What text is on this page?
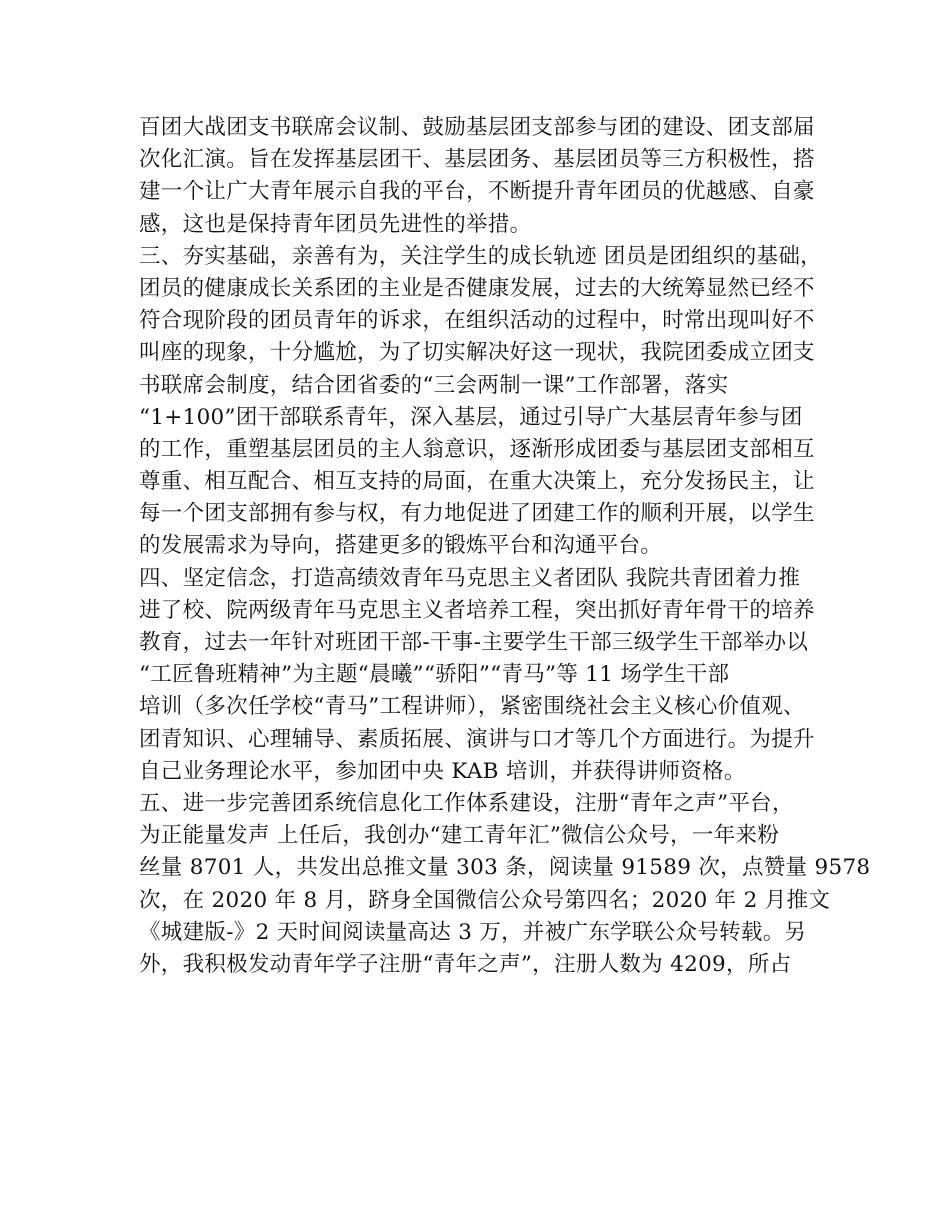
百团大战团支书联席会议制、鼓励基层团支部参与团的建设、团支部届
次化汇演。旨在发挥基层团干、基层团务、基层团员等三方积极性，搭
建一个让广大青年展示自我的平台，不断提升青年团员的优越感、自豪
感，这也是保持青年团员先进性的举措。
三、夯实基础，亲善有为，关注学生的成长轨迹 团员是团组织的基础，
团员的健康成长关系团的主业是否健康发展，过去的大统筹显然已经不
符合现阶段的团员青年的诉求，在组织活动的过程中，时常出现叫好不
叫座的现象，十分尴尬，为了切实解决好这一现状，我院团委成立团支
书联席会制度，结合团省委的“三会两制一课”工作部署，落实
“1+100”团干部联系青年，深入基层，通过引导广大基层青年参与团
的工作，重塑基层团员的主人翁意识，逐渐形成团委与基层团支部相互
尊重、相互配合、相互支持的局面，在重大决策上，充分发扬民主，让
每一个团支部拥有参与权，有力地促进了团建工作的顺利开展，以学生
的发展需求为导向，搭建更多的锻炼平台和沟通平台。
四、坚定信念，打造高绩效青年马克思主义者团队 我院共青团着力推
进了校、院两级青年马克思主义者培养工程，突出抓好青年骨干的培养
教育，过去一年针对班团干部-干事-主要学生干部三级学生干部举办以
“工匠鲁班精神”为主题“晨曦”“骄阳”“青马”等 11 场学生干部
培训（多次任学校“青马”工程讲师），紧密围绕社会主义核心价值观、
团青知识、心理辅导、素质拓展、演讲与口才等几个方面进行。为提升
自己业务理论水平，参加团中央 KAB 培训，并获得讲师资格。
五、进一步完善团系统信息化工作体系建设，注册“青年之声”平台，
为正能量发声 上任后，我创办“建工青年汇”微信公众号，一年来粉
丝量 8701 人，共发出总推文量 303 条，阅读量 91589 次，点赞量 9578
次，在 2020 年 8 月，跻身全国微信公众号第四名；2020 年 2 月推文
《城建版-》2 天时间阅读量高达 3 万，并被广东学联公众号转载。另
外，我积极发动青年学子注册“青年之声”，注册人数为 4209，所占
